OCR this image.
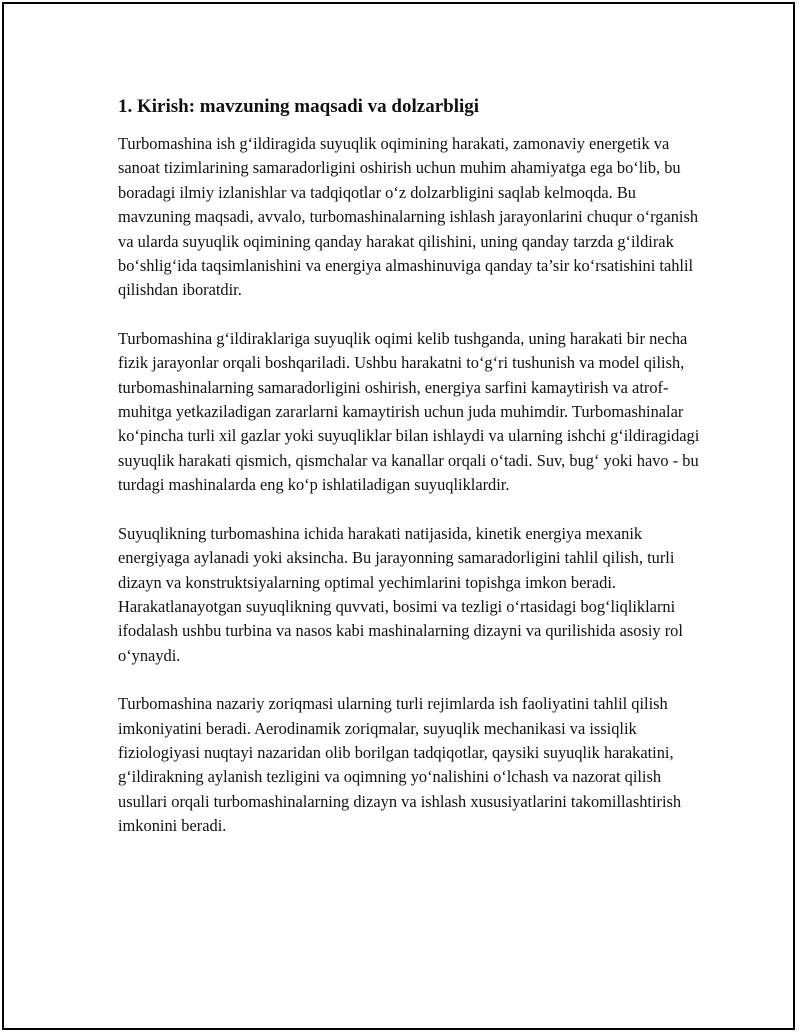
1. Kirish: mavzuning maqsadi va dolzarbligi

Turbomashina ish g‘ildiragida suyuqlik oqimining harakati, zamonaviy energetik va sanoat tizimlarining samaradorligini oshirish uchun muhim ahamiyatga ega bo‘lib, bu boradagi ilmiy izlanishlar va tadqiqotlar o‘z dolzarbligini saqlab kelmoqda. Bu mavzuning maqsadi, avvalo, turbomashinalarning ishlash jarayonlarini chuqur o‘rganish va ularda suyuqlik oqimining qanday harakat qilishini, uning qanday tarzda g‘ildirak bo‘shlig‘ida taqsimlanishini va energiya almashinuviga qanday ta’sir ko‘rsatishini tahlil qilishdan iboratdir.

Turbomashina g‘ildiraklariga suyuqlik oqimi kelib tushganda, uning harakati bir necha fizik jarayonlar orqali boshqariladi. Ushbu harakatni to‘g‘ri tushunish va model qilish, turbomashinalarning samaradorligini oshirish, energiya sarfini kamaytirish va atrof-muhitga yetkaziladigan zararlarni kamaytirish uchun juda muhimdir. Turbomashinalar ko‘pincha turli xil gazlar yoki suyuqliklar bilan ishlaydi va ularning ishchi g‘ildiragidagi suyuqlik harakati qismich, qismchalar va kanallar orqali o‘tadi. Suv, bug‘ yoki havo - bu turdagi mashinalarda eng ko‘p ishlatiladigan suyuqliklardir.

Suyuqlikning turbomashina ichida harakati natijasida, kinetik energiya mexanik energiyaga aylanadi yoki aksincha. Bu jarayonning samaradorligini tahlil qilish, turli dizayn va konstruktsiyalarning optimal yechimlarini topishga imkon beradi. Harakatlanayotgan suyuqlikning quvvati, bosimi va tezligi o‘rtasidagi bog‘liqliklarni ifodalash ushbu turbina va nasos kabi mashinalarning dizayni va qurilishida asosiy rol o‘ynaydi.

Turbomashina nazariy zoriqmasi ularning turli rejimlarda ish faoliyatini tahlil qilish imkoniyatini beradi. Aerodinamik zoriqmalar, suyuqlik mechanikasi va issiqlik fiziologiyasi nuqtayi nazaridan olib borilgan tadqiqotlar, qaysiki suyuqlik harakatini, g‘ildirakning aylanish tezligini va oqimning yo‘nalishini o‘lchash va nazorat qilish usullari orqali turbomashinalarning dizayn va ishlash xususiyatlarini takomillashtirish imkonini beradi.
